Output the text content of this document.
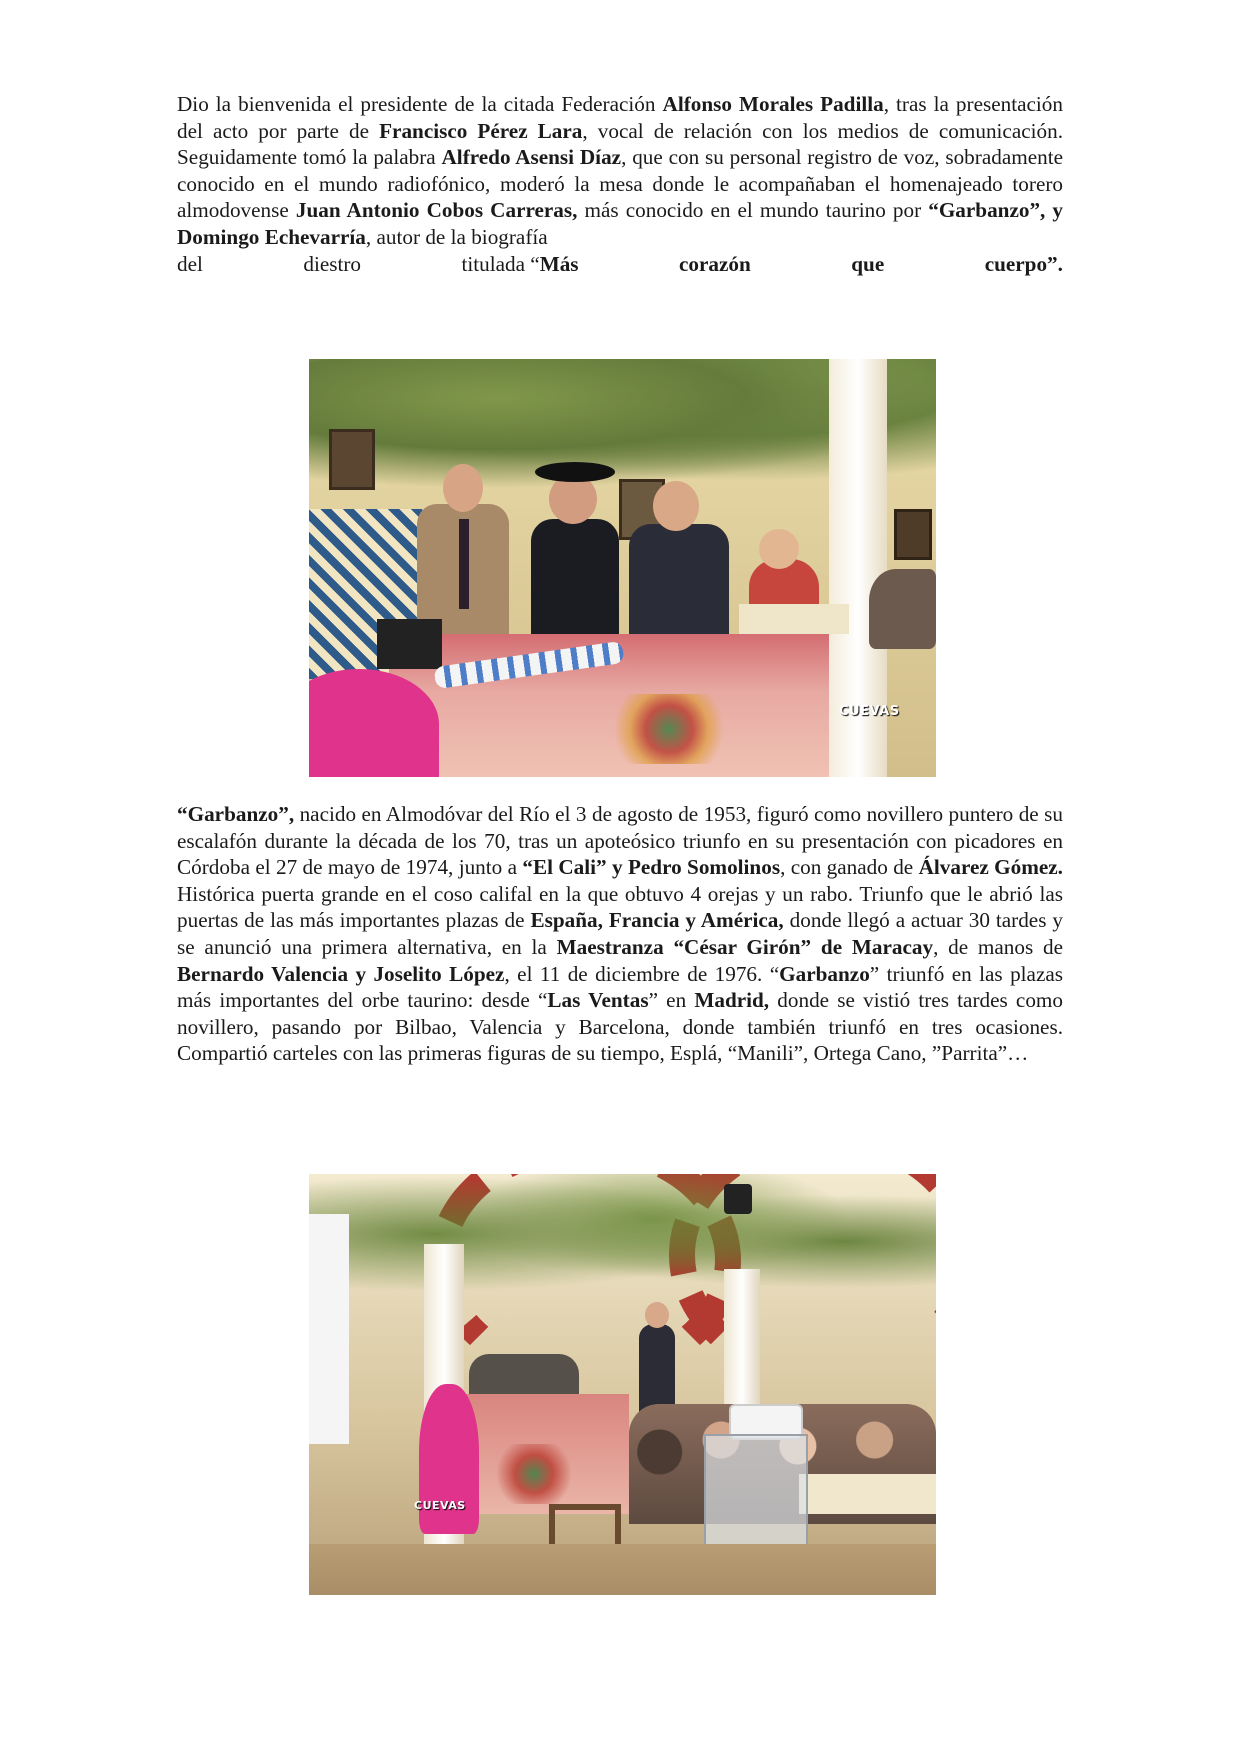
Dio la bienvenida el presidente de la citada Federación Alfonso Morales Padilla, tras la presentación del acto por parte de Francisco Pérez Lara, vocal de relación con los medios de comunicación. Seguidamente tomó la palabra Alfredo Asensi Díaz, que con su personal registro de voz, sobradamente conocido en el mundo radiofónico, moderó la mesa donde le acompañaban el homenajeado torero almodovense Juan Antonio Cobos Carreras, más conocido en el mundo taurino por “Garbanzo”, y Domingo Echevarría, autor de la biografía
del	diestro	titulada “Más	corazón	que	cuerpo”.

CUEVAS

“Garbanzo”, nacido en Almodóvar del Río el 3 de agosto de 1953, figuró como novillero puntero de su escalafón durante la década de los 70, tras un apoteósico triunfo en su presentación con picadores en Córdoba el 27 de mayo de 1974, junto a “El Cali” y Pedro Somolinos, con ganado de Álvarez Gómez. Histórica puerta grande en el coso califal en la que obtuvo 4 orejas y un rabo. Triunfo que le abrió las puertas de las más importantes plazas de España, Francia y América, donde llegó a actuar 30 tardes y se anunció una primera alternativa, en la Maestranza “César Girón” de Maracay, de manos de Bernardo Valencia y Joselito López, el 11 de diciembre de 1976. “Garbanzo” triunfó en las plazas más importantes del orbe taurino: desde “Las Ventas” en Madrid, donde se vistió tres tardes como novillero, pasando por Bilbao, Valencia y Barcelona, donde también triunfó en tres ocasiones. Compartió carteles con las primeras figuras de su tiempo, Esplá, “Manili”, Ortega Cano, ”Parrita”…

CUEVAS
